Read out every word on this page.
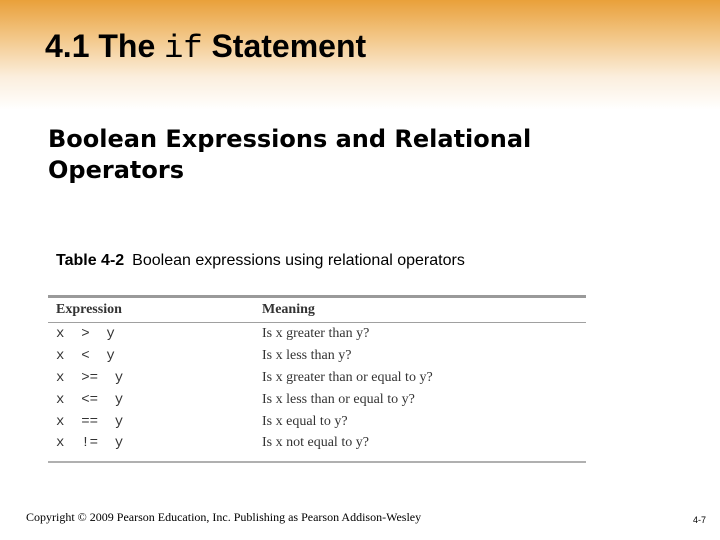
4.1 The if Statement
Boolean Expressions and Relational Operators
Table 4-2 Boolean expressions using relational operators
Expression	Meaning
x  >  y	Is x greater than y?
x  <  y	Is x less than y?
x  >=  y	Is x greater than or equal to y?
x  <=  y	Is x less than or equal to y?
x  ==  y	Is x equal to y?
x  !=  y	Is x not equal to y?
Copyright © 2009 Pearson Education, Inc. Publishing as Pearson Addison-Wesley	4-7
